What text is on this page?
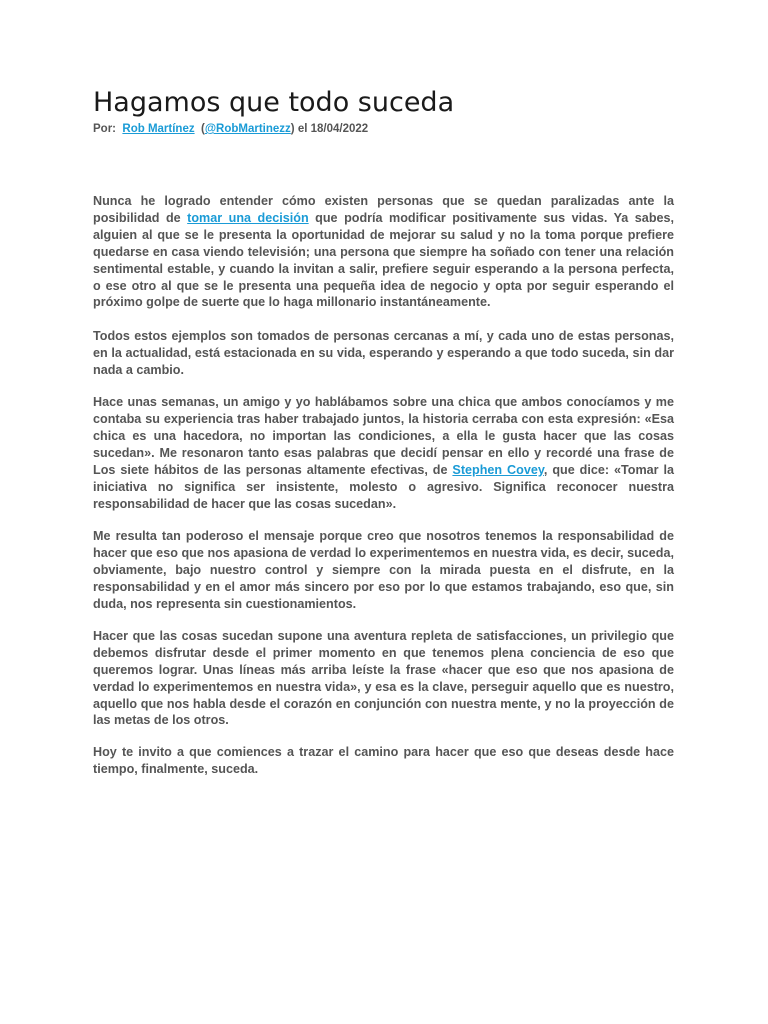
Hagamos que todo suceda
Por: Rob Martínez (@RobMartinezz) el 18/04/2022

Nunca he logrado entender cómo existen personas que se quedan paralizadas ante la posibilidad de tomar una decisión que podría modificar positivamente sus vidas. Ya sabes, alguien al que se le presenta la oportunidad de mejorar su salud y no la toma porque prefiere quedarse en casa viendo televisión; una persona que siempre ha soñado con tener una relación sentimental estable, y cuando la invitan a salir, prefiere seguir esperando a la persona perfecta, o ese otro al que se le presenta una pequeña idea de negocio y opta por seguir esperando el próximo golpe de suerte que lo haga millonario instantáneamente.

Todos estos ejemplos son tomados de personas cercanas a mí, y cada uno de estas personas, en la actualidad, está estacionada en su vida, esperando y esperando a que todo suceda, sin dar nada a cambio.

Hace unas semanas, un amigo y yo hablábamos sobre una chica que ambos conocíamos y me contaba su experiencia tras haber trabajado juntos, la historia cerraba con esta expresión: «Esa chica es una hacedora, no importan las condiciones, a ella le gusta hacer que las cosas sucedan». Me resonaron tanto esas palabras que decidí pensar en ello y recordé una frase de Los siete hábitos de las personas altamente efectivas, de Stephen Covey, que dice: «Tomar la iniciativa no significa ser insistente, molesto o agresivo. Significa reconocer nuestra responsabilidad de hacer que las cosas sucedan».

Me resulta tan poderoso el mensaje porque creo que nosotros tenemos la responsabilidad de hacer que eso que nos apasiona de verdad lo experimentemos en nuestra vida, es decir, suceda, obviamente, bajo nuestro control y siempre con la mirada puesta en el disfrute, en la responsabilidad y en el amor más sincero por eso por lo que estamos trabajando, eso que, sin duda, nos representa sin cuestionamientos.

Hacer que las cosas sucedan supone una aventura repleta de satisfacciones, un privilegio que debemos disfrutar desde el primer momento en que tenemos plena conciencia de eso que queremos lograr. Unas líneas más arriba leíste la frase «hacer que eso que nos apasiona de verdad lo experimentemos en nuestra vida», y esa es la clave, perseguir aquello que es nuestro, aquello que nos habla desde el corazón en conjunción con nuestra mente, y no la proyección de las metas de los otros.

Hoy te invito a que comiences a trazar el camino para hacer que eso que deseas desde hace tiempo, finalmente, suceda.
